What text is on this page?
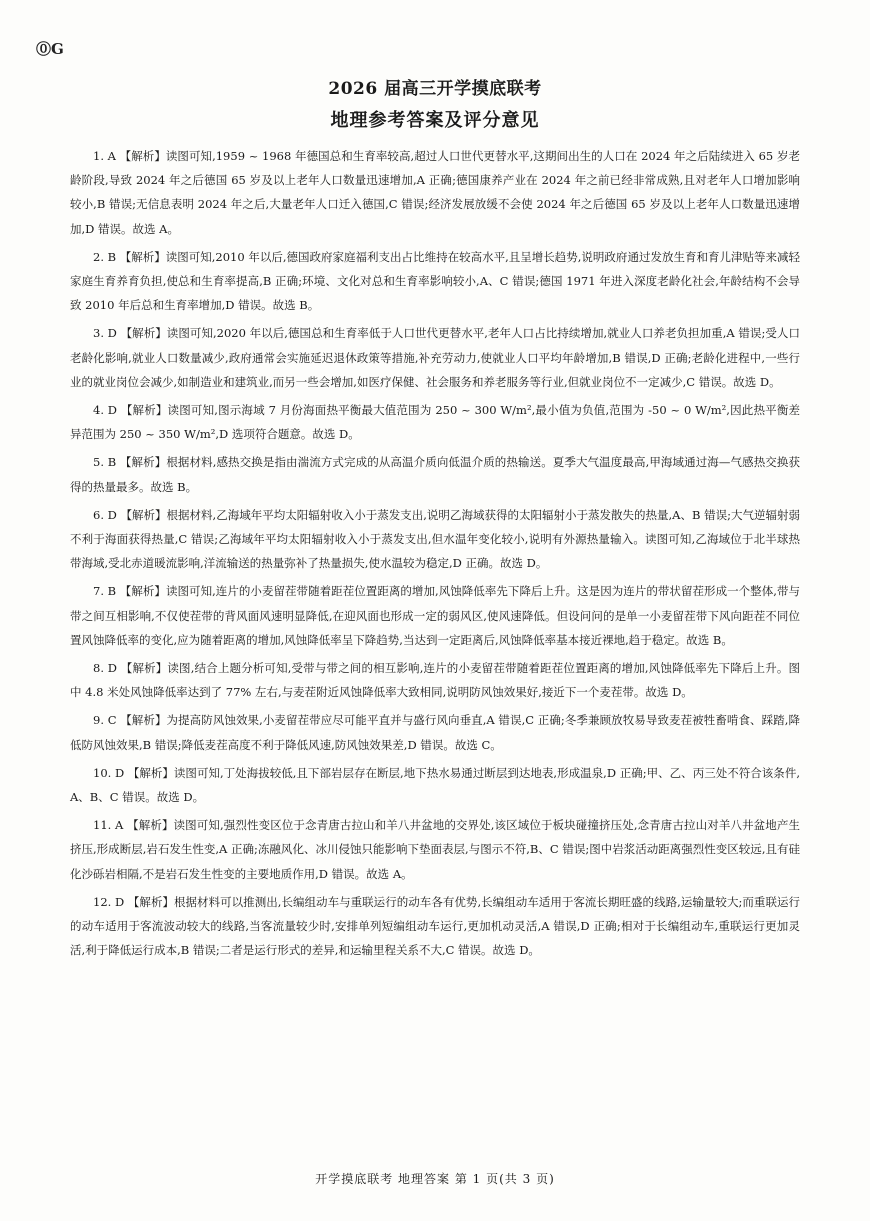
⓪G
2026 届高三开学摸底联考
地理参考答案及评分意见

1. A 【解析】读图可知,1959 ~ 1968 年德国总和生育率较高,超过人口世代更替水平,这期间出生的人口在 2024 年之后陆续进入 65 岁老龄阶段,导致 2024 年之后德国 65 岁及以上老年人口数量迅速增加,A 正确;德国康养产业在 2024 年之前已经非常成熟,且对老年人口增加影响较小,B 错误;无信息表明 2024 年之后,大量老年人口迁入德国,C 错误;经济发展放缓不会使 2024 年之后德国 65 岁及以上老年人口数量迅速增加,D 错误。故选 A。

2. B 【解析】读图可知,2010 年以后,德国政府家庭福利支出占比维持在较高水平,且呈增长趋势,说明政府通过发放生育和育儿津贴等来减轻家庭生育养育负担,使总和生育率提高,B 正确;环境、文化对总和生育率影响较小,A、C 错误;德国 1971 年进入深度老龄化社会,年龄结构不会导致 2010 年后总和生育率增加,D 错误。故选 B。

3. D 【解析】读图可知,2020 年以后,德国总和生育率低于人口世代更替水平,老年人口占比持续增加,就业人口养老负担加重,A 错误;受人口老龄化影响,就业人口数量减少,政府通常会实施延迟退休政策等措施,补充劳动力,使就业人口平均年龄增加,B 错误,D 正确;老龄化进程中,一些行业的就业岗位会减少,如制造业和建筑业,而另一些会增加,如医疗保健、社会服务和养老服务等行业,但就业岗位不一定减少,C 错误。故选 D。

4. D 【解析】读图可知,图示海域 7 月份海面热平衡最大值范围为 250 ~ 300 W/m²,最小值为负值,范围为 -50 ~ 0 W/m²,因此热平衡差异范围为 250 ~ 350 W/m²,D 选项符合题意。故选 D。

5. B 【解析】根据材料,感热交换是指由湍流方式完成的从高温介质向低温介质的热输送。夏季大气温度最高,甲海域通过海—气感热交换获得的热量最多。故选 B。

6. D 【解析】根据材料,乙海域年平均太阳辐射收入小于蒸发支出,说明乙海域获得的太阳辐射小于蒸发散失的热量,A、B 错误;大气逆辐射弱不利于海面获得热量,C 错误;乙海域年平均太阳辐射收入小于蒸发支出,但水温年变化较小,说明有外源热量输入。读图可知,乙海域位于北半球热带海域,受北赤道暖流影响,洋流输送的热量弥补了热量损失,使水温较为稳定,D 正确。故选 D。

7. B 【解析】读图可知,连片的小麦留茬带随着距茬位置距离的增加,风蚀降低率先下降后上升。这是因为连片的带状留茬形成一个整体,带与带之间互相影响,不仅使茬带的背风面风速明显降低,在迎风面也形成一定的弱风区,使风速降低。但设问问的是单一小麦留茬带下风向距茬不同位置风蚀降低率的变化,应为随着距离的增加,风蚀降低率呈下降趋势,当达到一定距离后,风蚀降低率基本接近裸地,趋于稳定。故选 B。

8. D 【解析】读图,结合上题分析可知,受带与带之间的相互影响,连片的小麦留茬带随着距茬位置距离的增加,风蚀降低率先下降后上升。图中 4.8 米处风蚀降低率达到了 77% 左右,与麦茬附近风蚀降低率大致相同,说明防风蚀效果好,接近下一个麦茬带。故选 D。

9. C 【解析】为提高防风蚀效果,小麦留茬带应尽可能平直并与盛行风向垂直,A 错误,C 正确;冬季兼顾放牧易导致麦茬被牲畜啃食、踩踏,降低防风蚀效果,B 错误;降低麦茬高度不利于降低风速,防风蚀效果差,D 错误。故选 C。

10. D 【解析】读图可知,丁处海拔较低,且下部岩层存在断层,地下热水易通过断层到达地表,形成温泉,D 正确;甲、乙、丙三处不符合该条件,A、B、C 错误。故选 D。

11. A 【解析】读图可知,强烈性变区位于念青唐古拉山和羊八井盆地的交界处,该区域位于板块碰撞挤压处,念青唐古拉山对羊八井盆地产生挤压,形成断层,岩石发生性变,A 正确;冻融风化、冰川侵蚀只能影响下垫面表层,与图示不符,B、C 错误;图中岩浆活动距离强烈性变区较远,且有硅化沙砾岩相隔,不是岩石发生性变的主要地质作用,D 错误。故选 A。

12. D 【解析】根据材料可以推测出,长编组动车与重联运行的动车各有优势,长编组动车适用于客流长期旺盛的线路,运输量较大;而重联运行的动车适用于客流波动较大的线路,当客流量较少时,安排单列短编组动车运行,更加机动灵活,A 错误,D 正确;相对于长编组动车,重联运行更加灵活,利于降低运行成本,B 错误;二者是运行形式的差异,和运输里程关系不大,C 错误。故选 D。

开学摸底联考 地理答案 第 1 页(共 3 页)
